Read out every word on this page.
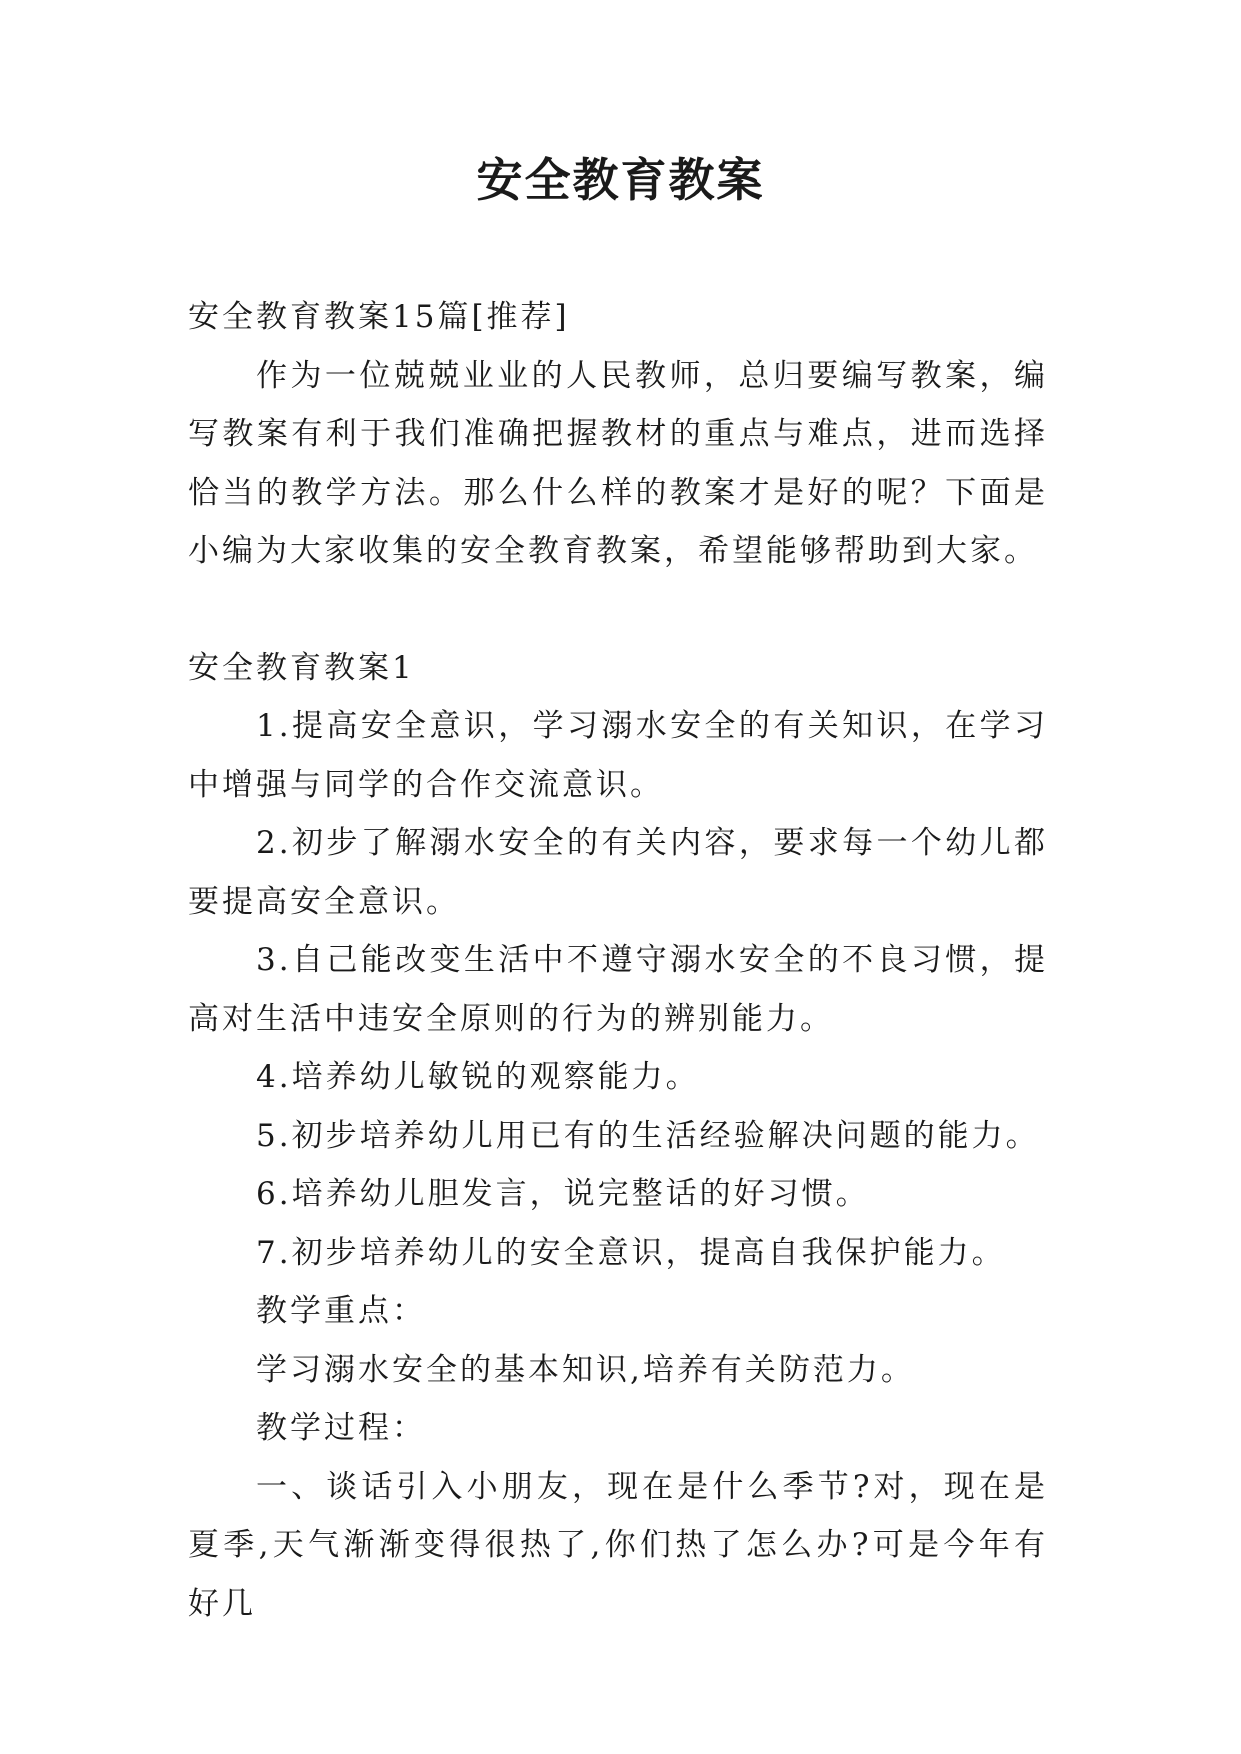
安全教育教案

安全教育教案15篇[推荐]

作为一位兢兢业业的人民教师，总归要编写教案，编写教案有利于我们准确把握教材的重点与难点，进而选择恰当的教学方法。那么什么样的教案才是好的呢？下面是小编为大家收集的安全教育教案，希望能够帮助到大家。

安全教育教案1

1.提高安全意识，学习溺水安全的有关知识，在学习中增强与同学的合作交流意识。

2.初步了解溺水安全的有关内容，要求每一个幼儿都要提高安全意识。

3.自己能改变生活中不遵守溺水安全的不良习惯，提高对生活中违安全原则的行为的辨别能力。

4.培养幼儿敏锐的观察能力。

5.初步培养幼儿用已有的生活经验解决问题的能力。

6.培养幼儿胆发言，说完整话的好习惯。

7.初步培养幼儿的安全意识，提高自我保护能力。

教学重点：

学习溺水安全的基本知识,培养有关防范力。

教学过程：

一、谈话引入小朋友，现在是什么季节?对，现在是夏季,天气渐渐变得很热了,你们热了怎么办?可是今年有好几
